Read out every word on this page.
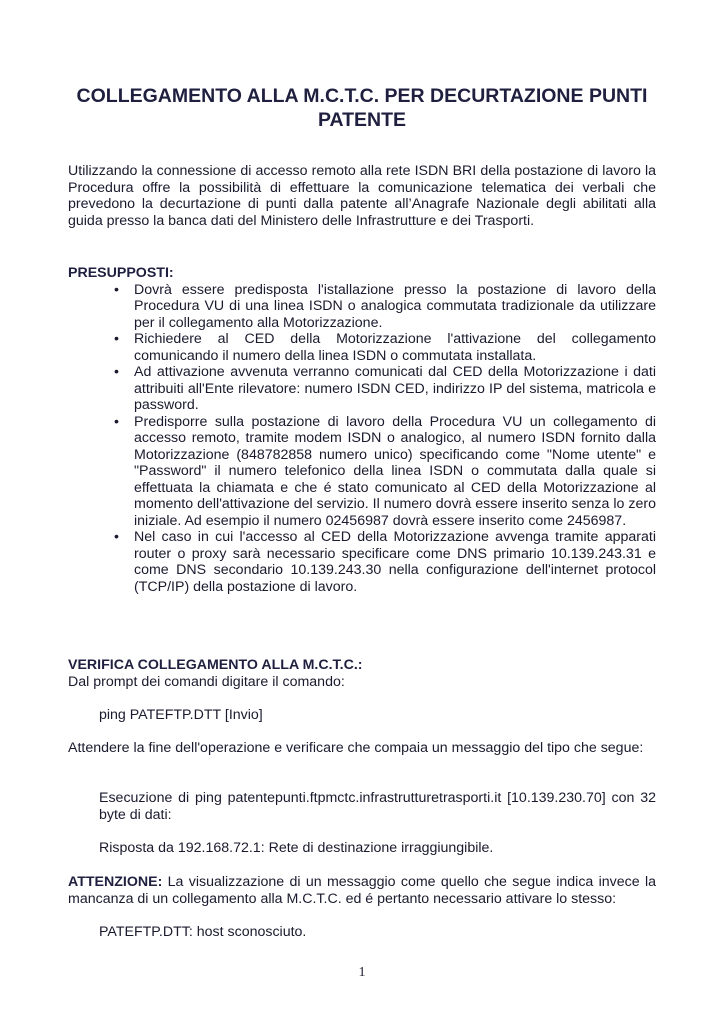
COLLEGAMENTO ALLA M.C.T.C. PER DECURTAZIONE PUNTI PATENTE
Utilizzando la connessione di accesso remoto alla rete ISDN BRI della postazione di lavoro la Procedura offre la possibilità di effettuare la comunicazione telematica dei verbali che prevedono la decurtazione di punti dalla patente all’Anagrafe Nazionale degli abilitati alla guida presso la banca dati del Ministero delle Infrastrutture e dei Trasporti.
PRESUPPOSTI:
• Dovrà essere predisposta l'istallazione presso la postazione di lavoro della Procedura VU di una linea ISDN o analogica commutata tradizionale da utilizzare per il collegamento alla Motorizzazione.
• Richiedere al CED della Motorizzazione l'attivazione del collegamento comunicando il numero della linea ISDN o commutata installata.
• Ad attivazione avvenuta verranno comunicati dal CED della Motorizzazione i dati attribuiti all'Ente rilevatore: numero ISDN CED, indirizzo IP del sistema, matricola e password.
• Predisporre sulla postazione di lavoro della Procedura VU un collegamento di accesso remoto, tramite modem ISDN o analogico, al numero ISDN fornito dalla Motorizzazione (848782858 numero unico) specificando come "Nome utente" e "Password" il numero telefonico della linea ISDN o commutata dalla quale si effettuata la chiamata e che é stato comunicato al CED della Motorizzazione al momento dell'attivazione del servizio. Il numero dovrà essere inserito senza lo zero iniziale. Ad esempio il numero 02456987 dovrà essere inserito come 2456987.
• Nel caso in cui l'accesso al CED della Motorizzazione avvenga tramite apparati router o proxy sarà necessario specificare come DNS primario 10.139.243.31 e come DNS secondario 10.139.243.30 nella configurazione dell'internet protocol (TCP/IP) della postazione di lavoro.
VERIFICA COLLEGAMENTO ALLA M.C.T.C.:
Dal prompt dei comandi digitare il comando:
ping PATEFTP.DTT [Invio]
Attendere la fine dell'operazione e verificare che compaia un messaggio del tipo che segue:
Esecuzione di ping patentepunti.ftpmctc.infrastrutturetrasporti.it [10.139.230.70] con 32 byte di dati:
Risposta da 192.168.72.1: Rete di destinazione irraggiungibile.
ATTENZIONE: La visualizzazione di un messaggio come quello che segue indica invece la mancanza di un collegamento alla M.C.T.C. ed é pertanto necessario attivare lo stesso:
PATEFTP.DTT: host sconosciuto.
1
